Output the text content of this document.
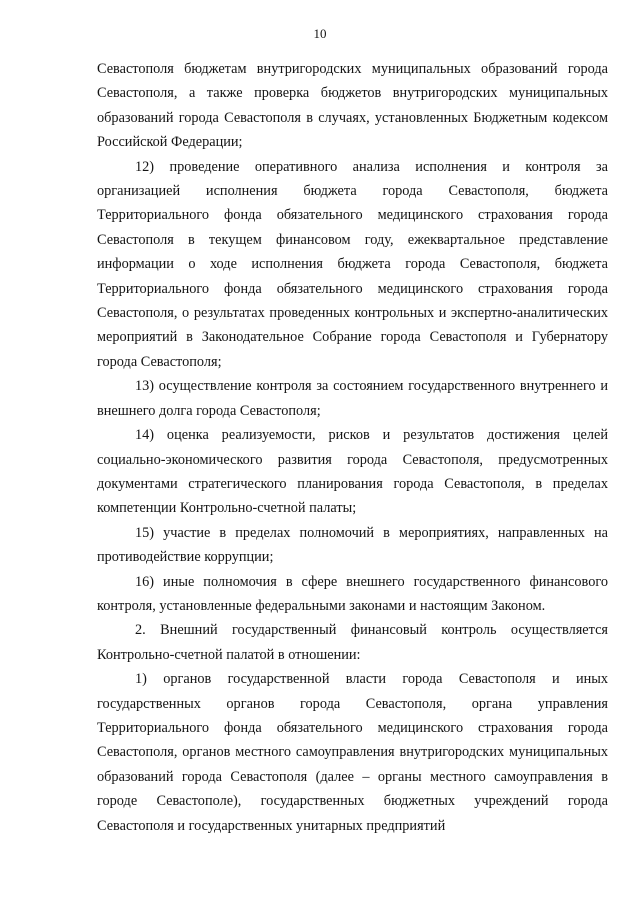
10

Севастополя бюджетам внутригородских муниципальных образований города Севастополя, а также проверка бюджетов внутригородских муниципальных образований города Севастополя в случаях, установленных Бюджетным кодексом Российской Федерации;

12) проведение оперативного анализа исполнения и контроля за организацией исполнения бюджета города Севастополя, бюджета Территориального фонда обязательного медицинского страхования города Севастополя в текущем финансовом году, ежеквартальное представление информации о ходе исполнения бюджета города Севастополя, бюджета Территориального фонда обязательного медицинского страхования города Севастополя, о результатах проведенных контрольных и экспертно-аналитических мероприятий в Законодательное Собрание города Севастополя и Губернатору города Севастополя;

13) осуществление контроля за состоянием государственного внутреннего и внешнего долга города Севастополя;

14) оценка реализуемости, рисков и результатов достижения целей социально-экономического развития города Севастополя, предусмотренных документами стратегического планирования города Севастополя, в пределах компетенции Контрольно-счетной палаты;

15) участие в пределах полномочий в мероприятиях, направленных на противодействие коррупции;

16) иные полномочия в сфере внешнего государственного финансового контроля, установленные федеральными законами и настоящим Законом.

2. Внешний государственный финансовый контроль осуществляется Контрольно-счетной палатой в отношении:

1) органов государственной власти города Севастополя и иных государственных органов города Севастополя, органа управления Территориального фонда обязательного медицинского страхования города Севастополя, органов местного самоуправления внутригородских муниципальных образований города Севастополя (далее – органы местного самоуправления в городе Севастополе), государственных бюджетных учреждений города Севастополя и государственных унитарных предприятий
